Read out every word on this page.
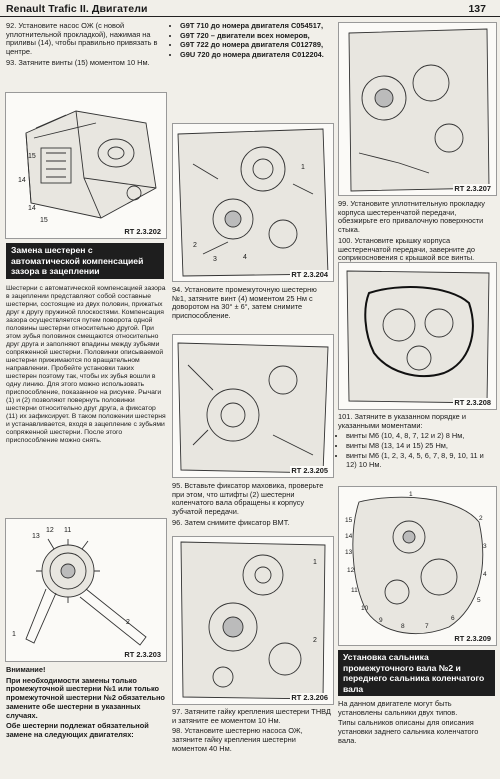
Renault Trafic II. Двигатели	137

92. Установите насос ОЖ (с новой уплотнительной прокладкой), нажимая на приливы (14), чтобы правильно привязать в центре.

93. Затяните винты (15) моментом 10 Нм.

15
14
14
15
RT 2.3.202
Замена шестерен с автоматической компенсацией зазора в зацеплении

Шестерни с автоматической компенсацией зазора в зацеплении представляют собой составные шестерни, состоящие из двух половин, прижатых друг к другу пружиной плоскостями. Компенсация зазора осуществляется путем поворота одной половины шестерни относительно другой. При этом зубья половинок смещаются относительно друг друга и заполняют впадины между зубьями сопряженной шестерни. Половинки описываемой шестерни прижимаются по вращательном направлении. Пробейте установки таких шестерен поэтому так, чтобы их зубья вошли в одну линию. Для этого можно использовать приспособление, показанное на рисунке. Рычаги (1) и (2) позволяют повернуть половинки шестерни относительно друг друга, а фиксатор (11) их зафиксирует. В таком положении шестерня и устанавливается, входя в зацепление с зубьями сопряженной шестерни. После этого приспособление можно снять.

13
12 11
2
1
RT 2.3.203

Внимание!

При необходимости замены только промежуточной шестерни №1 или только промежуточной шестерни №2 обязательно замените обе шестерни в указанных случаях.

Обе шестерни подлежат обязательной замене на следующих двигателях:

• G9T 710 до номера двигателя C054517,
• G9T 720 – двигатели всех номеров,
• G9T 722 до номера двигателя C012789,
• G9U 720 до номера двигателя C012204.
1
2
3	4
RT 2.3.204

94. Установите промежуточную шестерню №1, затяните винт (4) моментом 25 Нм с доворотом на 30° ± 6°, затем снимите приспособление.

RT 2.3.205

95. Вставьте фиксатор маховика, проверьте при этом, что штифты (2) шестерни коленчатого вала обращены к корпусу зубчатой передачи.

96. Затем снимите фиксатор ВМТ.

1
2
RT 2.3.206

97. Затяните гайку крепления шестерни ТНВД и затяните ее моментом 10 Нм.

98. Установите шестерню насоса ОЖ, затяните гайку крепления шестерни моментом 40 Нм.

RT 2.3.207

99. Установите уплотнительную прокладку корпуса шестеренчатой передачи, обезжирьте его привалочную поверхности стыка.

100. Установите крышку корпуса шестеренчатой передачи, заверните до соприкосновения с крышкой все винты.

RT 2.3.208

101. Затяните в указанном порядке и указанными моментами:

• винты M6 (10, 4, 8, 7, 12 и 2) 8 Нм,
• винты M8 (13, 14 и 15) 25 Нм,
• винты M6 (1, 2, 3, 4, 5, 6, 7, 8, 9, 10, 11 и 12) 10 Нм.
15
14
13
12
11
10
9
8	7
6
5
4
3
2
1
RT 2.3.209
Установка сальника промежуточного вала №2 и переднего сальника коленчатого вала

На данном двигателе могут быть установлены сальники двух типов.

Типы сальников описаны для описания установки заднего сальника коленчатого вала.
